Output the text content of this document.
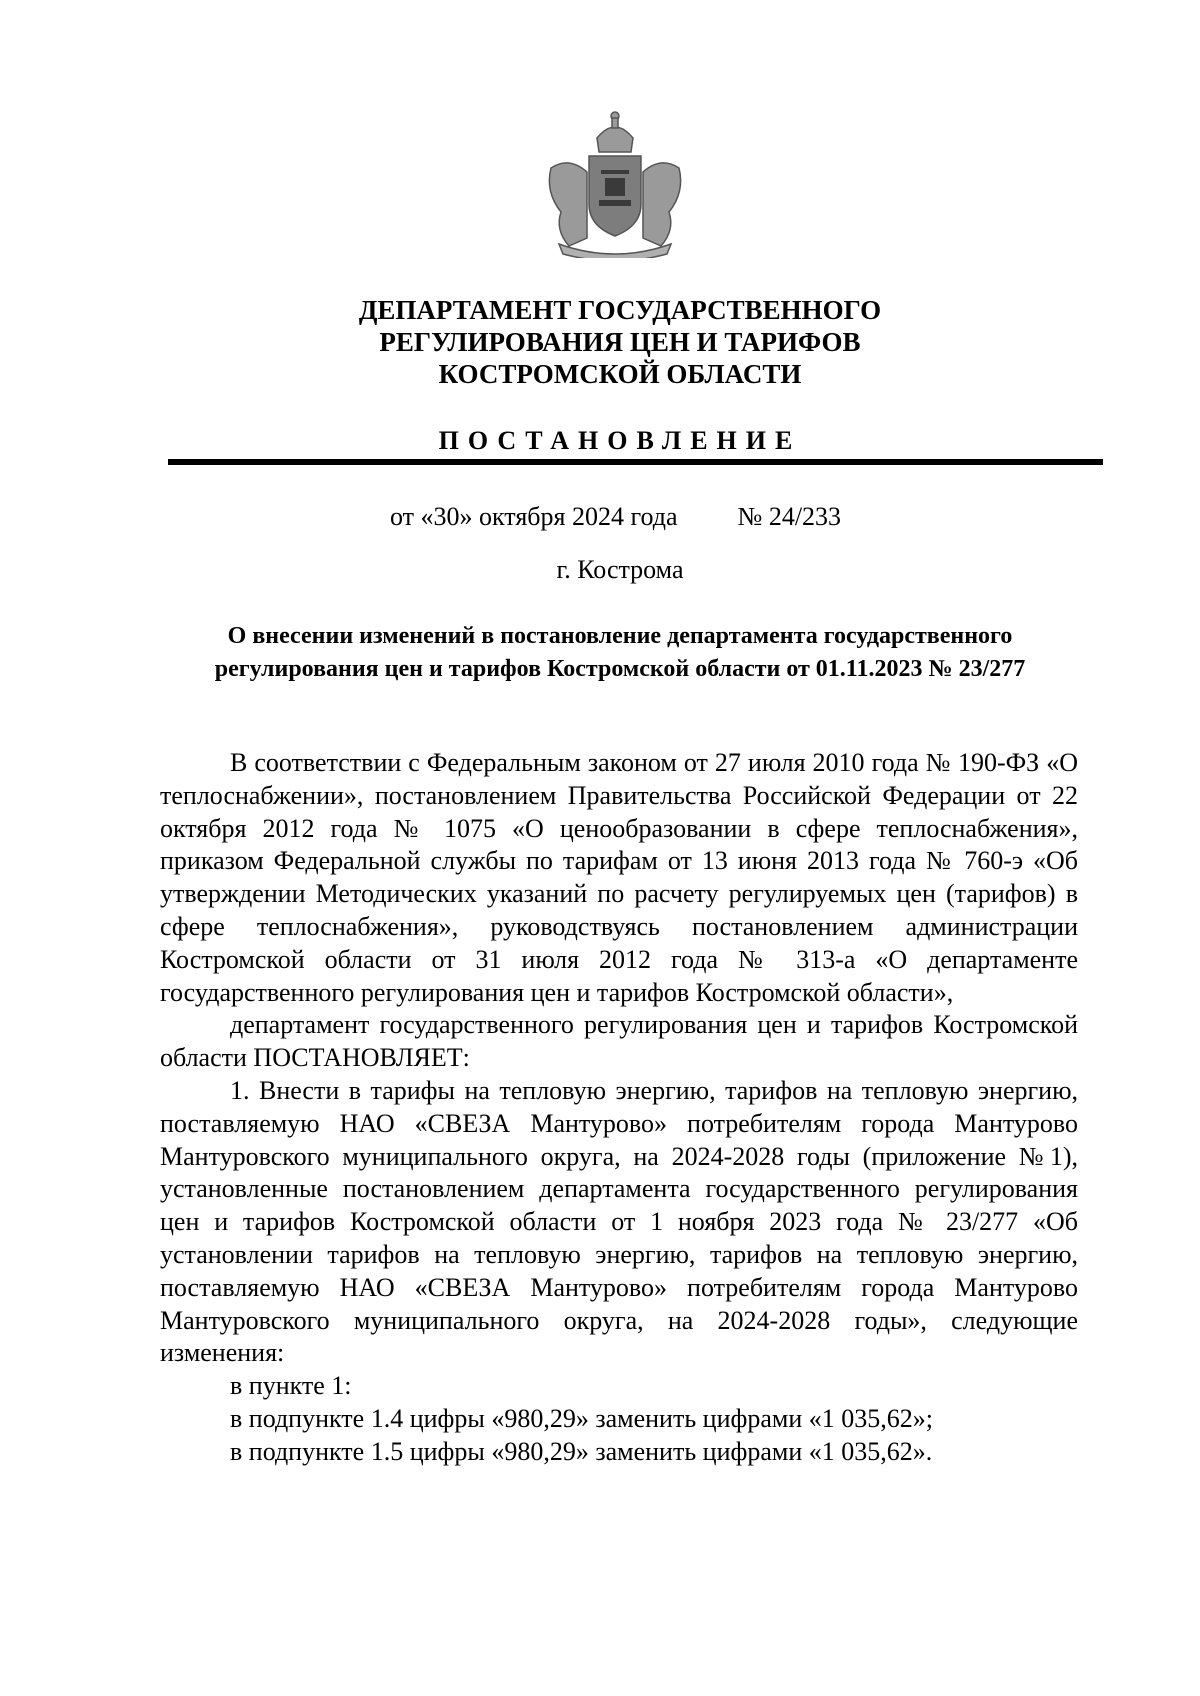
ДЕПАРТАМЕНТ ГОСУДАРСТВЕННОГО
РЕГУЛИРОВАНИЯ ЦЕН И ТАРИФОВ
КОСТРОМСКОЙ ОБЛАСТИ
ПОСТАНОВЛЕНИЕ
от «30» октября 2024 года № 24/233
г. Кострома
О внесении изменений в постановление департамента государственного
регулирования цен и тарифов Костромской области от 01.11.2023 № 23/277

В соответствии с Федеральным законом от 27 июля 2010 года № 190-ФЗ «О теплоснабжении», постановлением Правительства Российской Федерации от 22 октября 2012 года № 1075 «О ценообразовании в сфере теплоснабжения», приказом Федеральной службы по тарифам от 13 июня 2013 года № 760-э «Об утверждении Методических указаний по расчету регулируемых цен (тарифов) в сфере теплоснабжения», руководствуясь постановлением администрации Костромской области от 31 июля 2012 года № 313-а «О департаменте государственного регулирования цен и тарифов Костромской области»,

департамент государственного регулирования цен и тарифов Костромской области ПОСТАНОВЛЯЕТ:

1. Внести в тарифы на тепловую энергию, тарифов на тепловую энергию, поставляемую НАО «СВЕЗА Мантурово» потребителям города Мантурово Мантуровского муниципального округа, на 2024-2028 годы (приложение №1), установленные постановлением департамента государственного регулирования цен и тарифов Костромской области от 1 ноября 2023 года № 23/277 «Об установлении тарифов на тепловую энергию, тарифов на тепловую энергию, поставляемую НАО «СВЕЗА Мантурово» потребителям города Мантурово Мантуровского муниципального округа, на 2024-2028 годы», следующие изменения:

в пункте 1:

в подпункте 1.4 цифры «980,29» заменить цифрами «1 035,62»;

в подпункте 1.5 цифры «980,29» заменить цифрами «1 035,62».
